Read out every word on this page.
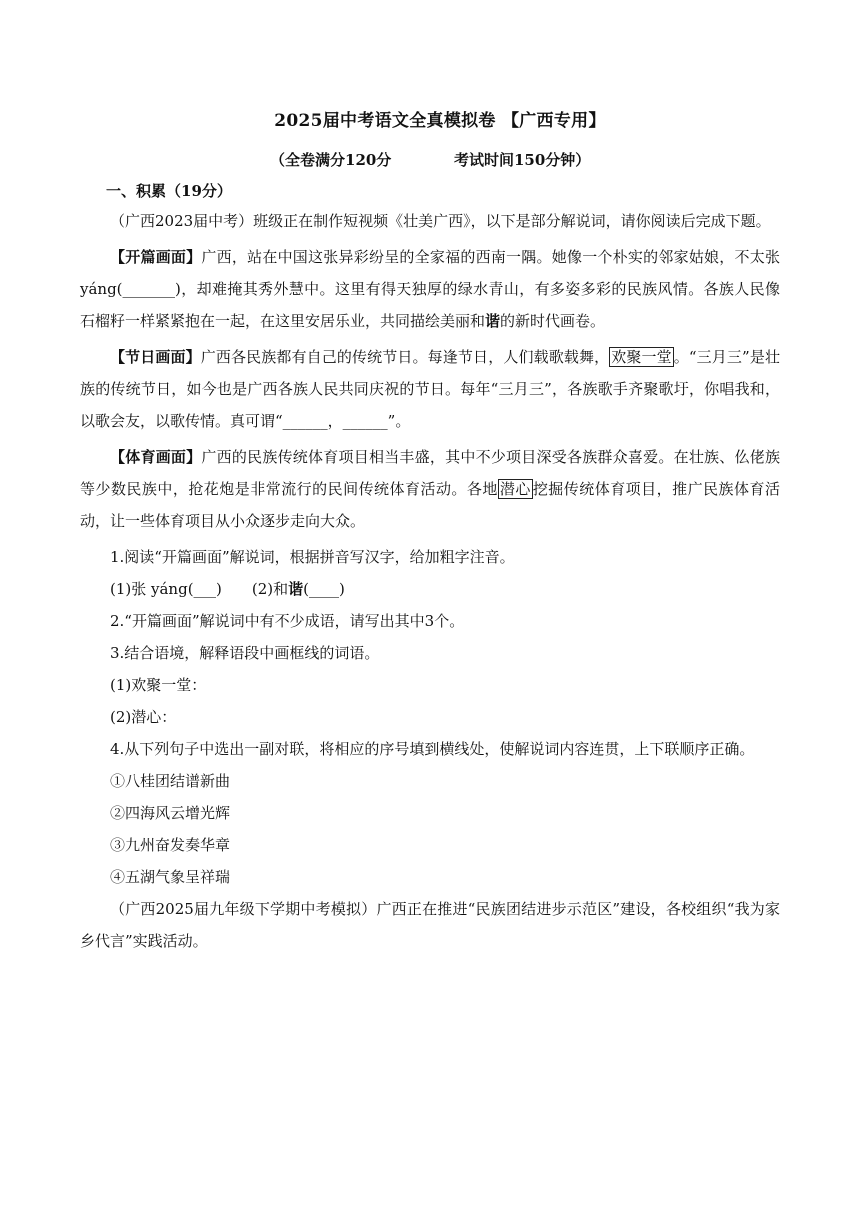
2025届中考语文全真模拟卷 【广西专用】
（全卷满分120分	考试时间150分钟）
一、积累（19分）

（广西2023届中考）班级正在制作短视频《壮美广西》，以下是部分解说词，请你阅读后完成下题。

【开篇画面】广西，站在中国这张异彩纷呈的全家福的西南一隅。她像一个朴实的邻家姑娘，不太张 yáng(_______)，却难掩其秀外慧中。这里有得天独厚的绿水青山，有多姿多彩的民族风情。各族人民像石榴籽一样紧紧抱在一起，在这里安居乐业，共同描绘美丽和谐的新时代画卷。

【节日画面】广西各民族都有自己的传统节日。每逢节日，人们载歌载舞， 欢聚一堂 。“三月三”是壮族的传统节日，如今也是广西各族人民共同庆祝的节日。每年“三月三”，各族歌手齐聚歌圩，你唱我和，以歌会友，以歌传情。真可谓“______，______”。

【体育画面】广西的民族传统体育项目相当丰盛，其中不少项目深受各族群众喜爱。在壮族、仫佬族等少数民族中，抢花炮是非常流行的民间传统体育活动。各地 潜心 挖掘传统体育项目，推广民族体育活动，让一些体育项目从小众逐步走向大众。

1.阅读“开篇画面”解说词，根据拼音写汉字，给加粗字注音。
(1)张 yáng(___) (2)和谐(____)
2.“开篇画面”解说词中有不少成语，请写出其中3个。
3.结合语境，解释语段中画框线的词语。
(1)欢聚一堂：
(2)潜心：

4.从下列句子中选出一副对联，将相应的序号填到横线处，使解说词内容连贯，上下联顺序正确。

①八桂团结谱新曲
②四海风云增光辉
③九州奋发奏华章
④五湖气象呈祥瑞

（广西2025届九年级下学期中考模拟）广西正在推进“民族团结进步示范区”建设，各校组织“我为家乡代言”实践活动。
